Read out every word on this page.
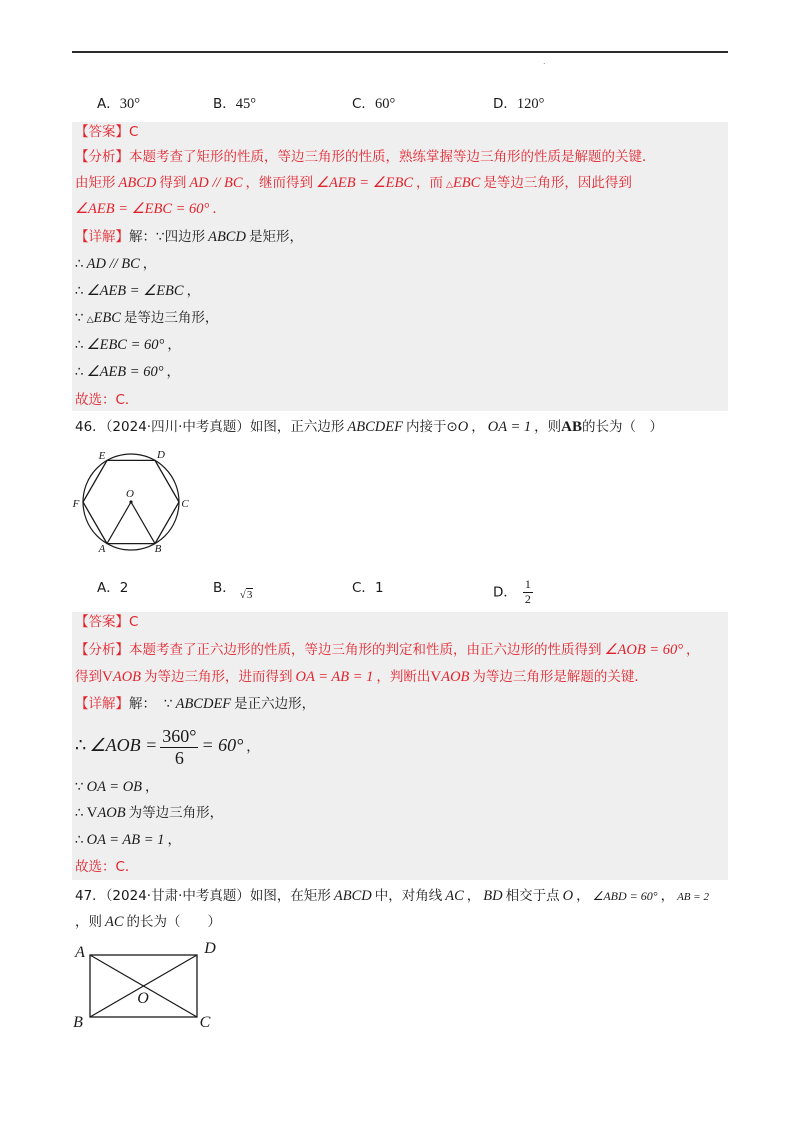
.
A．30°	B．45°	C．60°	D．120°
【答案】C
【分析】本题考查了矩形的性质，等边三角形的性质，熟练掌握等边三角形的性质是解题的关键．
由矩形 ABCD 得到 AD // BC ，继而得到 ∠AEB = ∠EBC ，而 △EBC 是等边三角形，因此得到
∠AEB = ∠EBC = 60° ．
【详解】解：∵四边形 ABCD 是矩形，
∴ AD // BC ，
∴ ∠AEB = ∠EBC ，
∵ △EBC 是等边三角形，
∴ ∠EBC = 60° ，
∴ ∠AEB = 60° ，
故选：C．
46．（2024·四川·中考真题）如图，正六边形 ABCDEF 内接于⊙O ， OA = 1 ，则AB的长为（　）
E	D
F	C
O
A	B
A．2	B． √3	C．1	D． $\frac{1}{2}$
【答案】C
【分析】本题考查了正六边形的性质，等边三角形的判定和性质，由正六边形的性质得到 ∠AOB = 60° ，
得到VAOB 为等边三角形，进而得到 OA = AB = 1 ，判断出VAOB 为等边三角形是解题的关键．
【详解】解： ∵ ABCDEF 是正六边形，
∴ ∠AOB = $\frac{360^\circ}{6} = 60^\circ$ ，
∵ OA = OB ，
∴ VAOB 为等边三角形，
∴ OA = AB = 1 ，
故选：C．
47．（2024·甘肃·中考真题）如图，在矩形 ABCD 中，对角线 AC ， BD 相交于点 O ， ∠ABD = 60° ， AB = 2
，则 AC 的长为（　　）
A	D
B	C
O
